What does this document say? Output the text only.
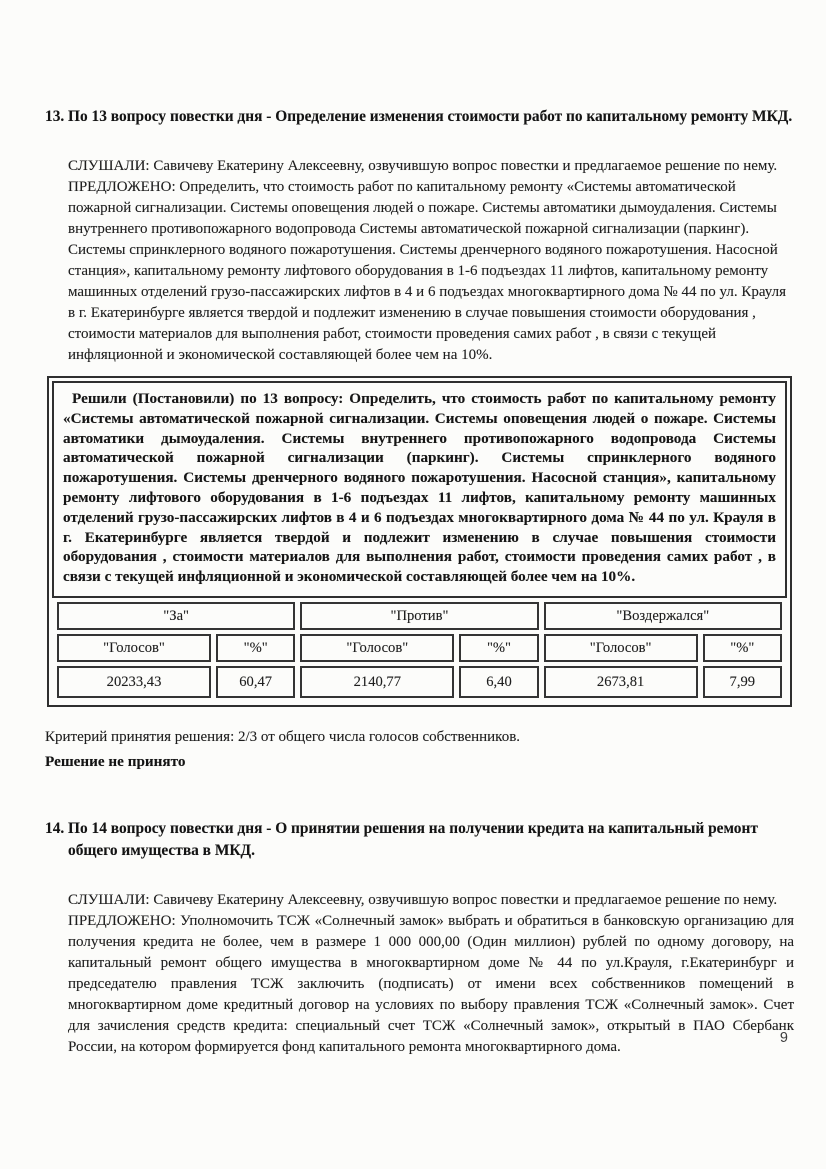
13. По 13 вопросу повестки дня - Определение изменения стоимости работ по капитальному ремонту МКД.
СЛУШАЛИ: Савичеву Екатерину Алексеевну, озвучившую вопрос повестки и предлагаемое решение по нему.
ПРЕДЛОЖЕНО: Определить, что стоимость работ по капитальному ремонту «Системы автоматической пожарной сигнализации. Системы оповещения людей о пожаре. Системы автоматики дымоудаления. Системы внутреннего противопожарного водопровода Системы автоматической пожарной сигнализации (паркинг). Системы спринклерного водяного пожаротушения. Системы дренчерного водяного пожаротушения. Насосной станция», капитальному ремонту лифтового оборудования в 1-6 подъездах 11 лифтов, капитальному ремонту машинных отделений грузо-пассажирских лифтов в 4 и 6 подъездах многоквартирного дома № 44 по ул. Крауля в г. Екатеринбурге является твердой и подлежит изменению в случае повышения стоимости оборудования , стоимости материалов для выполнения работ, стоимости проведения самих работ , в связи с текущей инфляционной и экономической составляющей более чем на 10%.

Решили (Постановили) по 13 вопросу: Определить, что стоимость работ по капитальному ремонту «Системы автоматической пожарной сигнализации. Системы оповещения людей о пожаре. Системы автоматики дымоудаления. Системы внутреннего противопожарного водопровода Системы автоматической пожарной сигнализации (паркинг). Системы спринклерного водяного пожаротушения. Системы дренчерного водяного пожаротушения. Насосной станция», капитальному ремонту лифтового оборудования в 1-6 подъездах 11 лифтов, капитальному ремонту машинных отделений грузо-пассажирских лифтов в 4 и 6 подъездах многоквартирного дома № 44 по ул. Крауля в г. Екатеринбурге является твердой и подлежит изменению в случае повышения стоимости оборудования , стоимости материалов для выполнения работ, стоимости проведения самих работ , в связи с текущей инфляционной и экономической составляющей более чем на 10%.

"За"		"Против"		"Воздержался"	
"Голосов"	"%"	"Голосов"	"%"	"Голосов"	"%"
20233,43	60,47	2140,77	6,40	2673,81	7,99

Критерий принятия решения: 2/3 от общего числа голосов собственников.

Решение не принято

14. По 14 вопросу повестки дня - О принятии решения на получении кредита на капитальный ремонт общего имущества в МКД.
СЛУШАЛИ: Савичеву Екатерину Алексеевну, озвучившую вопрос повестки и предлагаемое решение по нему.
ПРЕДЛОЖЕНО: Уполномочить ТСЖ «Солнечный замок» выбрать и обратиться в банковскую организацию для получения кредита не более, чем в размере 1 000 000,00 (Один миллион) рублей по одному договору, на капитальный ремонт общего имущества в многоквартирном доме № 44 по ул.Крауля, г.Екатеринбург и председателю правления ТСЖ заключить (подписать) от имени всех собственников помещений в многоквартирном доме кредитный договор на условиях по выбору правления ТСЖ «Солнечный замок». Счет для зачисления средств кредита: специальный счет ТСЖ «Солнечный замок», открытый в ПАО Сбербанк России, на котором формируется фонд капитального ремонта многоквартирного дома.
9
